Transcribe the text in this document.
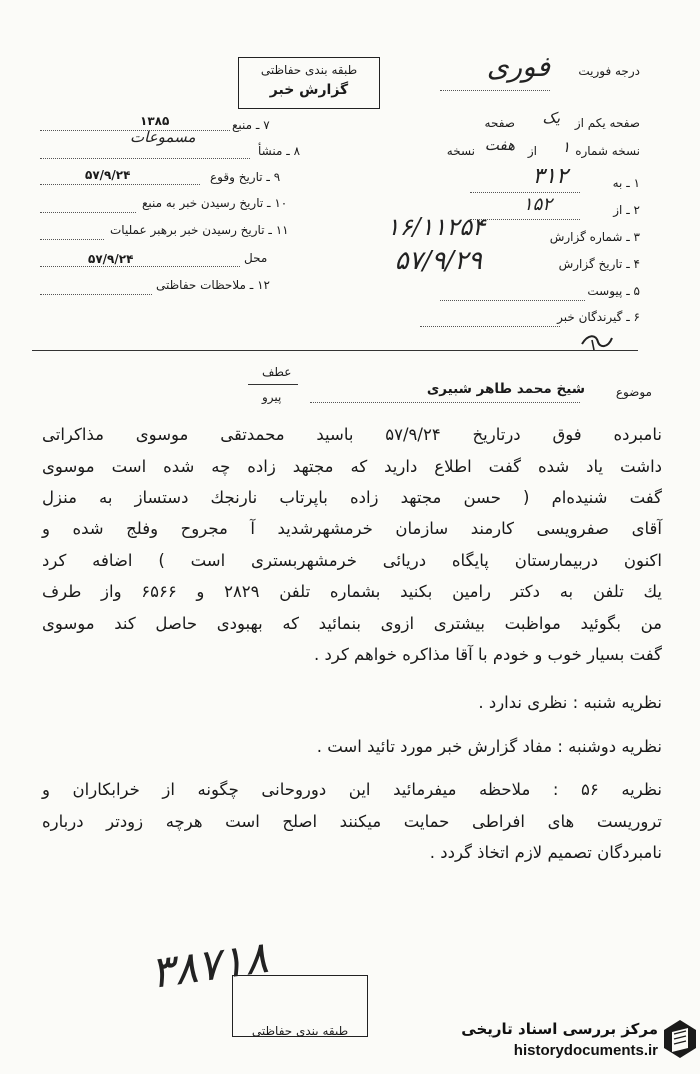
طبقه بندی حفاظتی
گزارش خبر
درجه فوریت
فوری
صفحه یکم از
یک
صفحه
نسخه شماره
۱
از
هفت
نسخه
۱ ـ به
۳۱۲
۲ ـ از
۱۵۲
۳ ـ شماره گزارش
۱۶/۱۱۲۵۴
۴ ـ تاریخ گزارش
۵۷/۹/۲۹
۵ ـ پیوست
۶ ـ گیرندگان خبر
۷ ـ منبع
۱۳۸۵
۸ ـ منشأ
مسموعات
۹ ـ تاریخ وقوع
۵۷/۹/۲۴
۱۰ ـ تاریخ رسیدن خبر به منبع
۱۱ ـ تاریخ رسیدن خبر برهبر عملیات
محل
۵۷/۹/۲۴
۱۲ ـ ملاحظات حفاظتی
عطف
پیرو	موضوع
شیخ محمد طاهر شبیری
نامبرده فوق درتاریخ ۵۷/۹/۲۴ باسید محمدتقی موسوی مذاکراتی
داشت یاد شده گفت اطلاع دارید که مجتهد زاده چه شده است موسوی
گفت شنیده‌ام ( حسن مجتهد زاده باپرتاب نارنجك دستساز به منزل
آقای صفرویسی کارمند سازمان خرمشهرشدید آ مجروح وفلج شده و
اکنون دربیمارستان پایگاه دریائی خرمشهربستری است ) اضافه کرد
یك تلفن به دکتر رامین بکنید بشماره تلفن ۲۸۲۹ و ۶۵۶۶ واز طرف
من بگوئید مواظبت بیشتری ازوی بنمائید که بهبودی حاصل کند موسوی
گفت بسیار خوب و خودم با آقا مذاکره خواهم کرد .
نظریه شنبه : نظری ندارد .
نظریه دوشنبه : مفاد گزارش خبر مورد تائید است .
نظریه ۵۶ : ملاحظه میفرمائید این دوروحانی چگونه از خرابکاران و
تروریست های افراطی حمایت میکنند اصلح است هرچه زودتر درباره
نامبردگان تصمیم لازم اتخاذ گردد .
۳۸۷۱۸
طبقه بندی حفاظتی	مرکز بررسی اسناد تاریخی
historydocuments.ir
